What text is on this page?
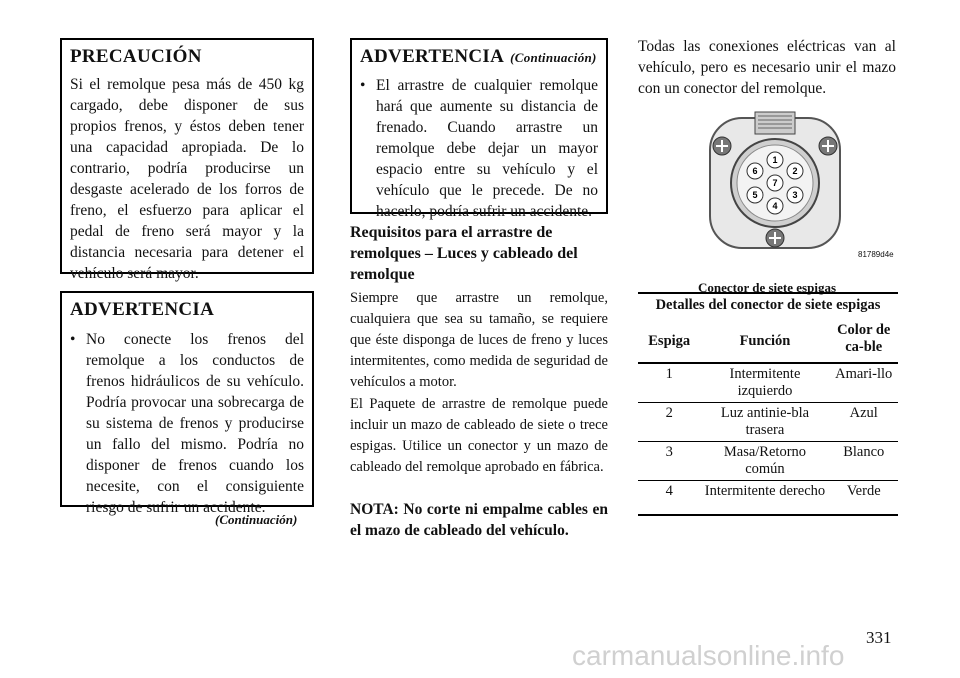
PRECAUCIÓN
Si el remolque pesa más de 450 kg cargado, debe disponer de sus propios frenos, y éstos deben tener una capacidad apropiada. De lo contrario, podría producirse un desgaste acelerado de los forros de freno, el esfuerzo para aplicar el pedal de freno será mayor y la distancia necesaria para detener el vehículo será mayor.
ADVERTENCIA
• No conecte los frenos del remolque a los conductos de frenos hidráulicos de su vehículo. Podría provocar una sobrecarga de su sistema de frenos y producirse un fallo del mismo. Podría no disponer de frenos cuando los necesite, con el consiguiente riesgo de sufrir un accidente.
(Continuación)
ADVERTENCIA (Continuación)
• El arrastre de cualquier remolque hará que aumente su distancia de frenado. Cuando arrastre un remolque debe dejar un mayor espacio entre su vehículo y el vehículo que le precede. De no hacerlo, podría sufrir un accidente.
Requisitos para el arrastre de remolques – Luces y cableado del remolque
Siempre que arrastre un remolque, cualquiera que sea su tamaño, se requiere que éste disponga de luces de freno y luces intermitentes, como medida de seguridad de vehículos a motor.
El Paquete de arrastre de remolque puede incluir un mazo de cableado de siete o trece espigas. Utilice un conector y un mazo de cableado del remolque aprobado en fábrica.
NOTA: No corte ni empalme cables en el mazo de cableado del vehículo.
Todas las conexiones eléctricas van al vehículo, pero es necesario unir el mazo con un conector del remolque.
1
2
3
4
5
6
7
81789d4e
Conector de siete espigas
Detalles del conector de siete espigas		
Espiga	Función	Color de ca-ble
1	Intermitente izquierdo	Amari-llo
2	Luz antinie-bla trasera	Azul
3	Masa/Retorno común	Blanco
4	Intermitente derecho	Verde
331
carmanualsonline.info
